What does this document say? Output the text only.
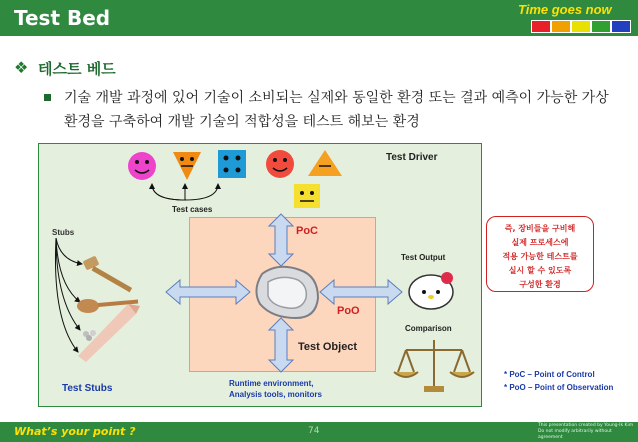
Test Bed	Time goes now
❖ 테스트 베드
기술 개발 과정에 있어 기술이 소비되는 실제와 동일한 환경 또는 결과 예측이 가능한 가상환경을 구축하여 개발 기술의 적합성을 테스트 해보는 환경
Test Driver
Test cases
Stubs	PoC
Test Output
PoO
Comparison
Test Object
Runtime environment,
Analysis tools, monitors
Test Stubs
즉, 장비들을 구비해
실제 프로세스에
적용 가능한 테스트를
실시 할 수 있도록
구성한 환경
* PoC – Point of Control
* PoO – Point of Observation
What’s your point ?	74
This presentation created by Young-Ik Kim
Do not modify arbitrarily without agreement
